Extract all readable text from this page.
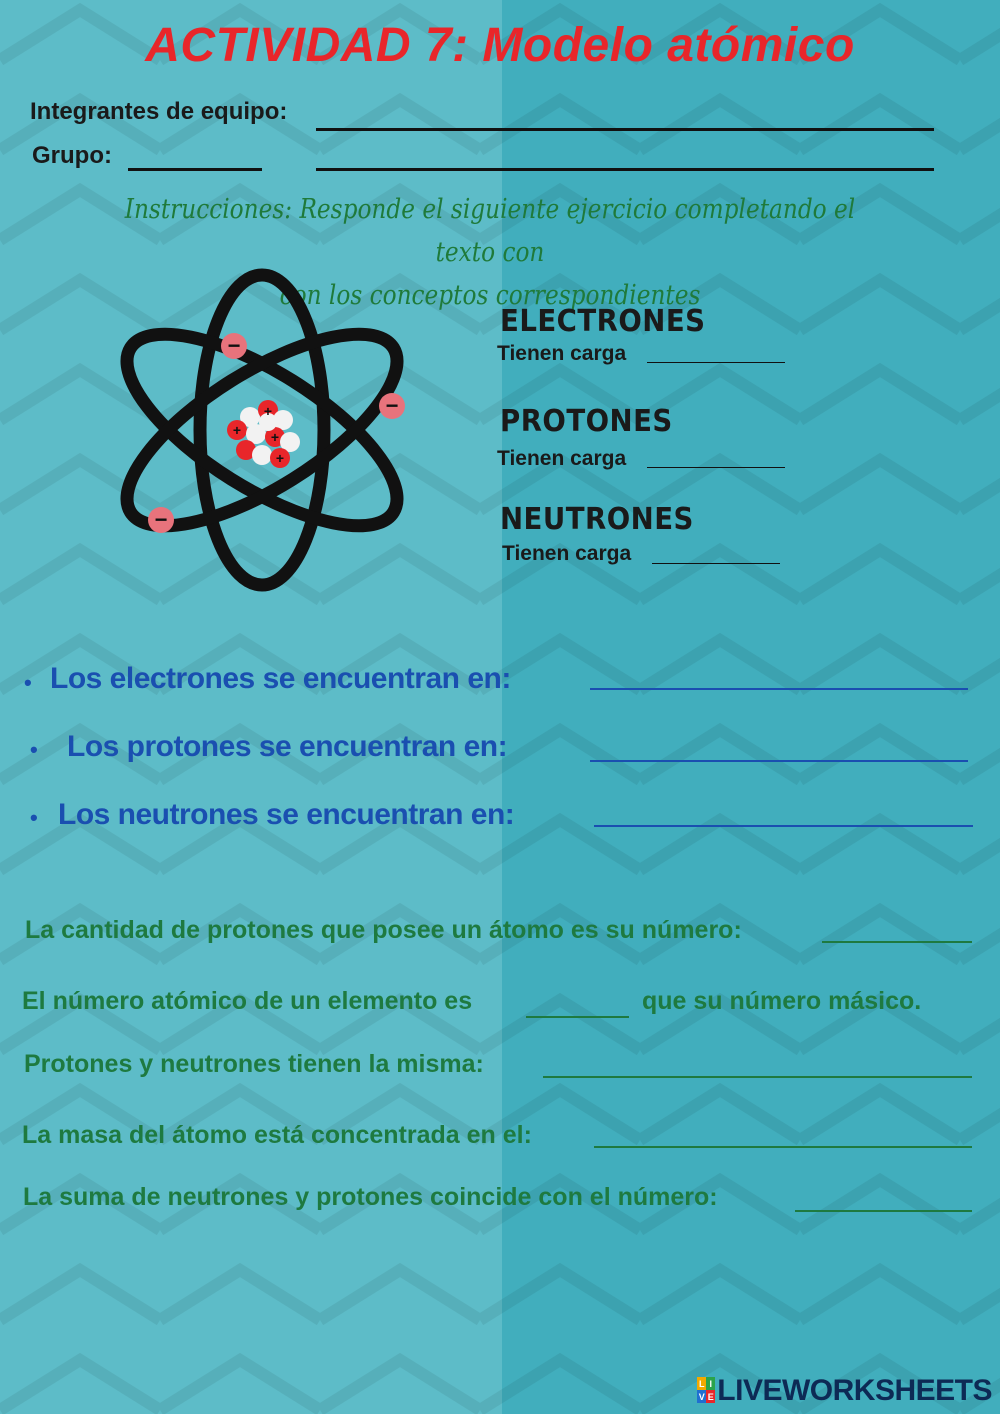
ACTIVIDAD 7: Modelo atómico
Integrantes de equipo:
Grupo:
Instrucciones: Responde el siguiente ejercicio completando el texto con
con los conceptos correspondientes
+
+ +
+
−
−
−
ELECTRONES
Tienen carga
PROTONES
Tienen carga
NEUTRONES
Tienen carga
• Los electrones se encuentran en:
• Los protones se encuentran en:
• Los neutrones se encuentran en:
La cantidad de protones que posee un átomo es su número:
El número atómico de un elemento es	que su número másico.
Protones y neutrones tienen la misma:
La masa del átomo está concentrada en el:
La suma de neutrones y protones coincide con el número:
L I
V E LIVEWORKSHEETS
